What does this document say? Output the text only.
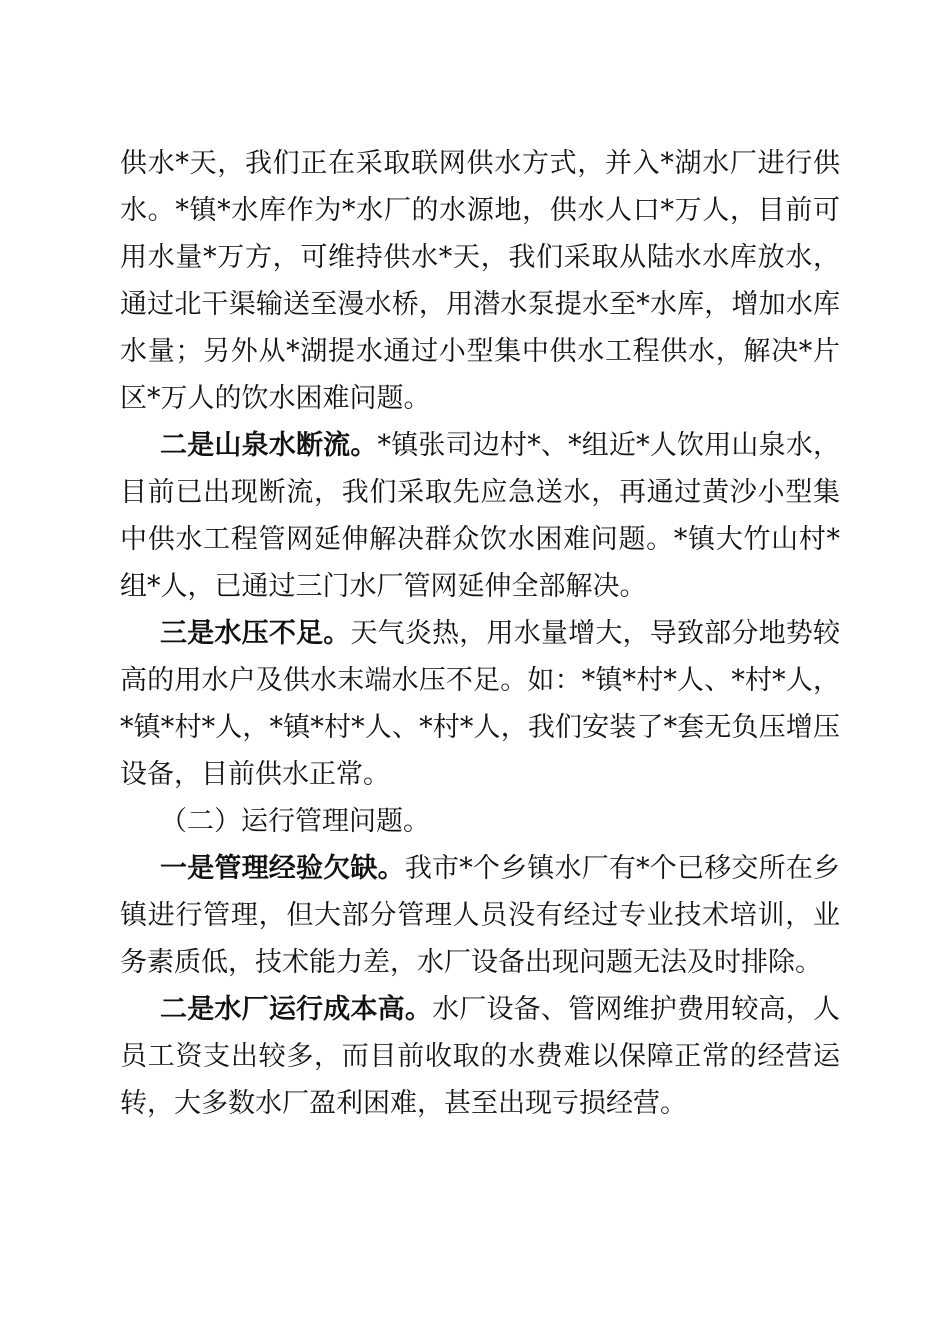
供水*天，我们正在采取联网供水方式，并入*湖水厂进行供水。*镇*水库作为*水厂的水源地，供水人口*万人，目前可用水量*万方，可维持供水*天，我们采取从陆水水库放水，通过北干渠输送至漫水桥，用潜水泵提水至*水库，增加水库水量；另外从*湖提水通过小型集中供水工程供水，解决*片区*万人的饮水困难问题。

二是山泉水断流。*镇张司边村*、*组近*人饮用山泉水，目前已出现断流，我们采取先应急送水，再通过黄沙小型集中供水工程管网延伸解决群众饮水困难问题。*镇大竹山村*组*人，已通过三门水厂管网延伸全部解决。

三是水压不足。天气炎热，用水量增大，导致部分地势较高的用水户及供水末端水压不足。如：*镇*村*人、*村*人，*镇*村*人，*镇*村*人、*村*人，我们安装了*套无负压增压设备，目前供水正常。

（二）运行管理问题。

一是管理经验欠缺。我市*个乡镇水厂有*个已移交所在乡镇进行管理，但大部分管理人员没有经过专业技术培训，业务素质低，技术能力差，水厂设备出现问题无法及时排除。

二是水厂运行成本高。水厂设备、管网维护费用较高，人员工资支出较多，而目前收取的水费难以保障正常的经营运转，大多数水厂盈利困难，甚至出现亏损经营。
